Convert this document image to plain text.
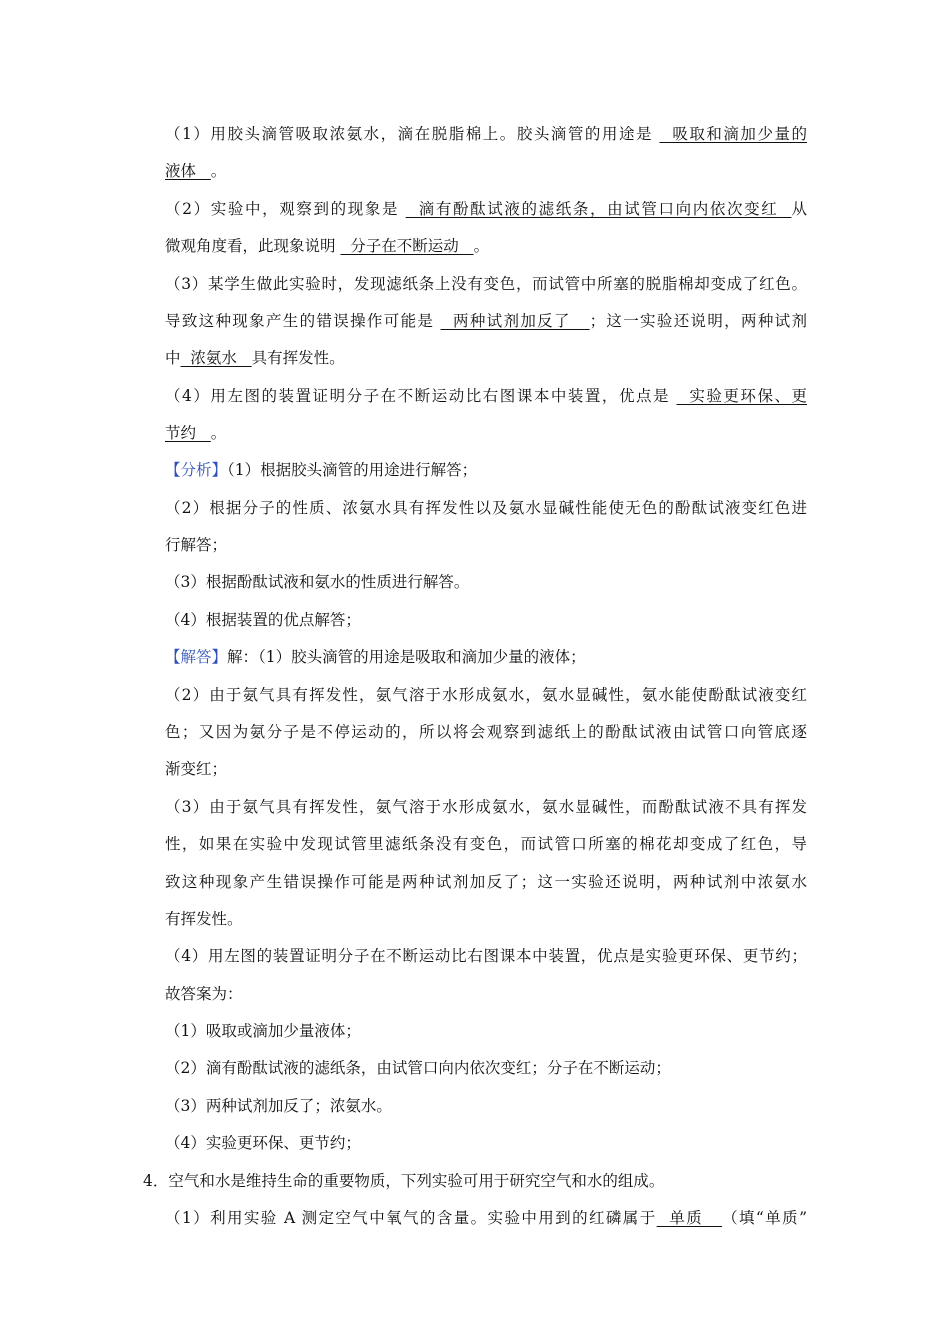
（1）用胶头滴管吸取浓氨水，滴在脱脂棉上。胶头滴管的用途是   吸取和滴加少量的
液体   。
（2）实验中，观察到的现象是   滴有酚酞试液的滤纸条，由试管口向内依次变红  从
微观角度看，此现象说明   分子在不断运动   。
（3）某学生做此实验时，发现滤纸条上没有变色，而试管中所塞的脱脂棉却变成了红色。
导致这种现象产生的错误操作可能是   两种试剂加反了   ；这一实验还说明，两种试剂
中  浓氨水   具有挥发性。
（4）用左图的装置证明分子在不断运动比右图课本中装置，优点是   实验更环保、更
节约   。
【分析】（1）根据胶头滴管的用途进行解答；
（2）根据分子的性质、浓氨水具有挥发性以及氨水显碱性能使无色的酚酞试液变红色进
行解答；
（3）根据酚酞试液和氨水的性质进行解答。
（4）根据装置的优点解答；
【解答】解：（1）胶头滴管的用途是吸取和滴加少量的液体；
（2）由于氨气具有挥发性，氨气溶于水形成氨水，氨水显碱性，氨水能使酚酞试液变红
色；又因为氨分子是不停运动的，所以将会观察到滤纸上的酚酞试液由试管口向管底逐
渐变红；
（3）由于氨气具有挥发性，氨气溶于水形成氨水，氨水显碱性，而酚酞试液不具有挥发
性，如果在实验中发现试管里滤纸条没有变色，而试管口所塞的棉花却变成了红色，导
致这种现象产生错误操作可能是两种试剂加反了；这一实验还说明，两种试剂中浓氨水
有挥发性。
（4）用左图的装置证明分子在不断运动比右图课本中装置，优点是实验更环保、更节约；
故答案为：
（1）吸取或滴加少量液体；
（2）滴有酚酞试液的滤纸条，由试管口向内依次变红；分子在不断运动；
（3）两种试剂加反了；浓氨水。
（4）实验更环保、更节约；
4．空气和水是维持生命的重要物质，下列实验可用于研究空气和水的组成。
（1）利用实验 A 测定空气中氧气的含量。实验中用到的红磷属于  单质   （填“单质”
